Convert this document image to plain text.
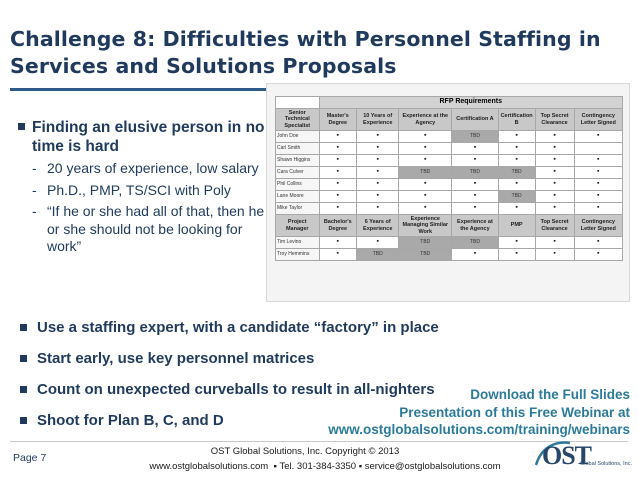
Challenge 8: Difficulties with Personnel Staffing in Services and Solutions Proposals
Finding an elusive person in no time is hard
- 20 years of experience, low salary
- Ph.D., PMP, TS/SCI with Poly
- “If he or she had all of that, then he or she should not be looking for work”
	RFP Requirements						
Senior Technical Specialist	Master's Degree	10 Years of Experience	Experience at the Agency	Certification A	Certification B	Top Secret Clearance	Contingency Letter Signed
John Doe	▪	▪	▪	TBD	▪	▪	▪
Carl Smith	▪	▪	▪	▪	▪	▪	
Shawn Higgins	▪	▪	▪	▪	▪	▪	▪
Cara Culver	▪	▪	TBD	TBD	TBD	▪	▪
Phil Collins	▪	▪	▪	▪	▪	▪	▪
Lane Moore	▪	▪	▪	▪	TBD	▪	▪
Mike Taylor	▪	▪	▪	▪	▪	▪	▪
Project Manager	Bachelor's Degree	6 Years of Experience	Experience Managing Similar Work	Experience at the Agency	PMP	Top Secret Clearance	Contingency Letter Signed
Tim Levino	▪	▪	TBD	TBD	▪	▪	▪
Troy Hemmins	▪	TBD	TBD	▪	▪	▪	▪
Use a staffing expert, with a candidate “factory” in place
Start early, use key personnel matrices
Count on unexpected curveballs to result in all-nighters
Shoot for Plan B, C, and D
Download the Full Slides
Presentation of this Free Webinar at
www.ostglobalsolutions.com/training/webinars
Page 7
OST Global Solutions, Inc. Copyright © 2013
www.ostglobalsolutions.com  ▪ Tel. 301-384-3350 ▪ service@ostglobalsolutions.com	OST
Global Solutions, Inc.
